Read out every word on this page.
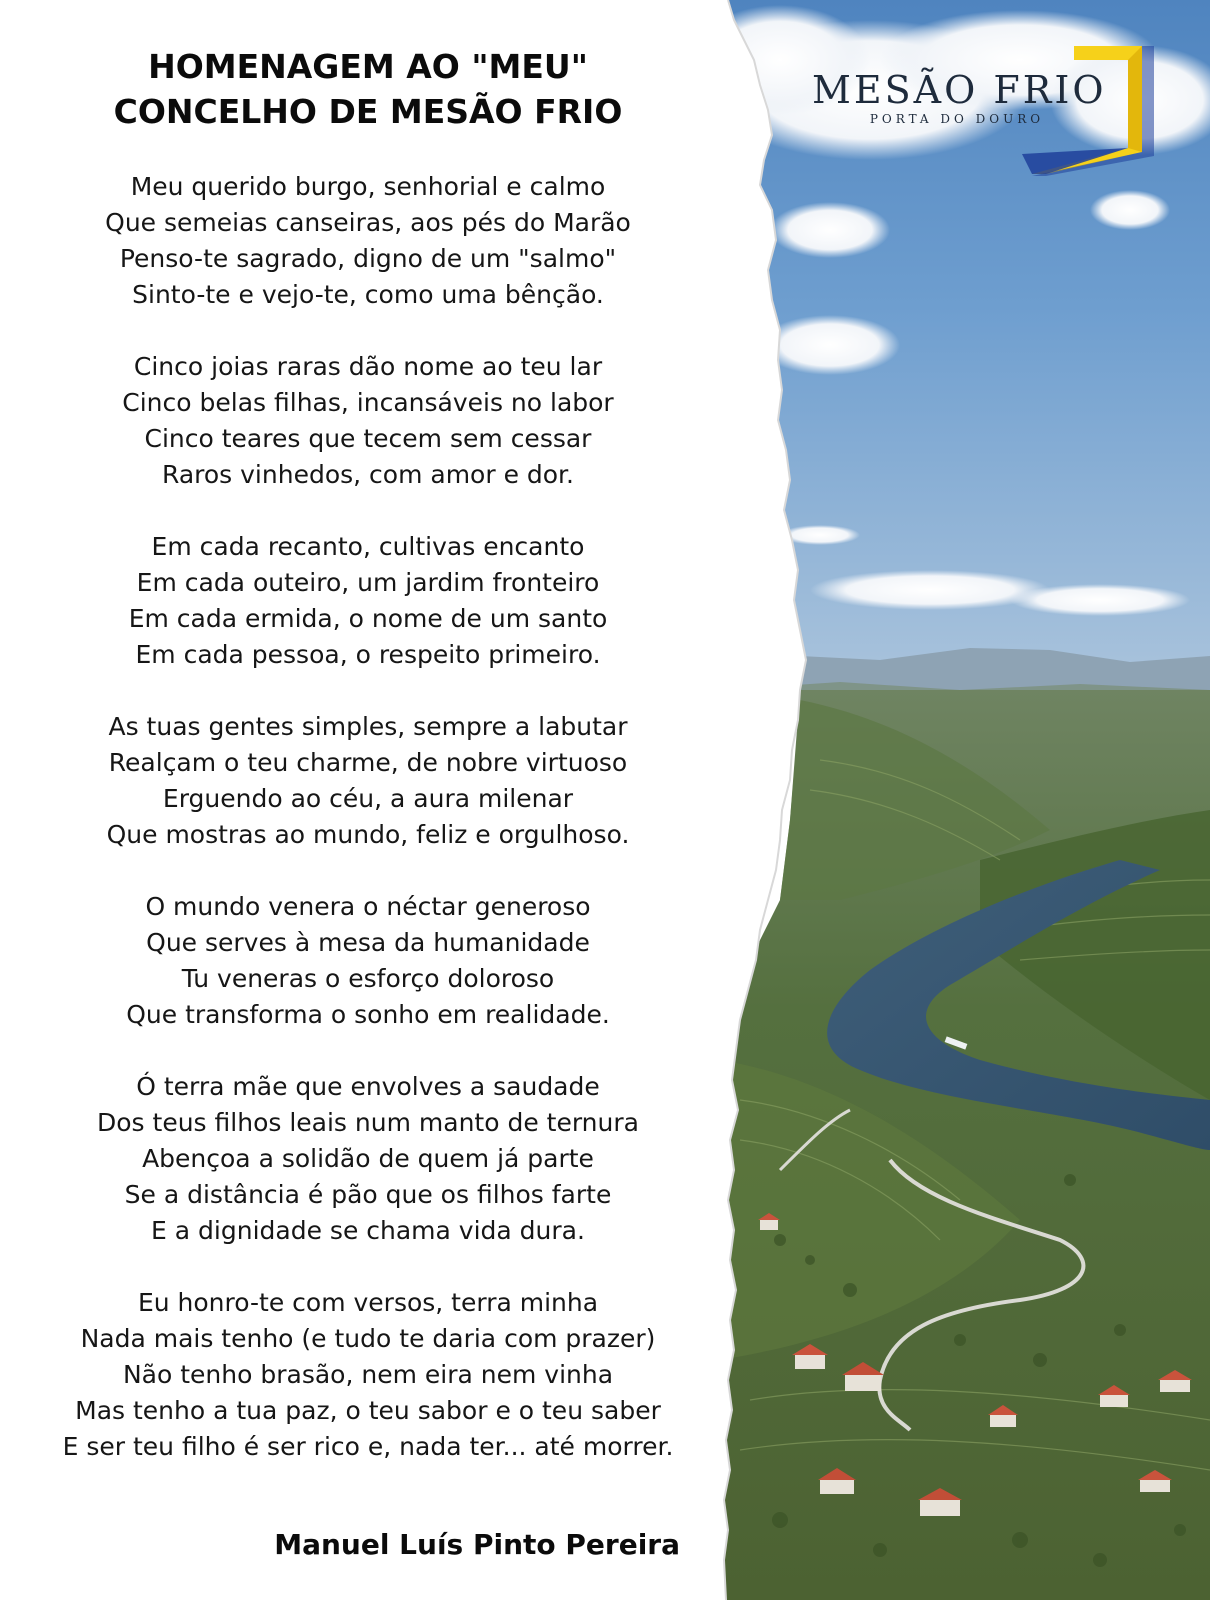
MESÃO FRIO
PORTA DO DOURO
HOMENAGEM AO "MEU"
CONCELHO DE MESÃO FRIO
Meu querido burgo, senhorial e calmo
Que semeias canseiras, aos pés do Marão
Penso-te sagrado, digno de um "salmo"
Sinto-te e vejo-te, como uma bênção.
Cinco joias raras dão nome ao teu lar
Cinco belas filhas, incansáveis no labor
Cinco teares que tecem sem cessar
Raros vinhedos, com amor e dor.
Em cada recanto, cultivas encanto
Em cada outeiro, um jardim fronteiro
Em cada ermida, o nome de um santo
Em cada pessoa, o respeito primeiro.
As tuas gentes simples, sempre a labutar
Realçam o teu charme, de nobre virtuoso
Erguendo ao céu, a aura milenar
Que mostras ao mundo, feliz e orgulhoso.
O mundo venera o néctar generoso
Que serves à mesa da humanidade
Tu veneras o esforço doloroso
Que transforma o sonho em realidade.
Ó terra mãe que envolves a saudade
Dos teus filhos leais num manto de ternura
Abençoa a solidão de quem já parte
Se a distância é pão que os filhos farte
E a dignidade se chama vida dura.
Eu honro-te com versos, terra minha
Nada mais tenho (e tudo te daria com prazer)
Não tenho brasão, nem eira nem vinha
Mas tenho a tua paz, o teu sabor e o teu saber
E ser teu filho é ser rico e, nada ter... até morrer.
Manuel Luís Pinto Pereira
